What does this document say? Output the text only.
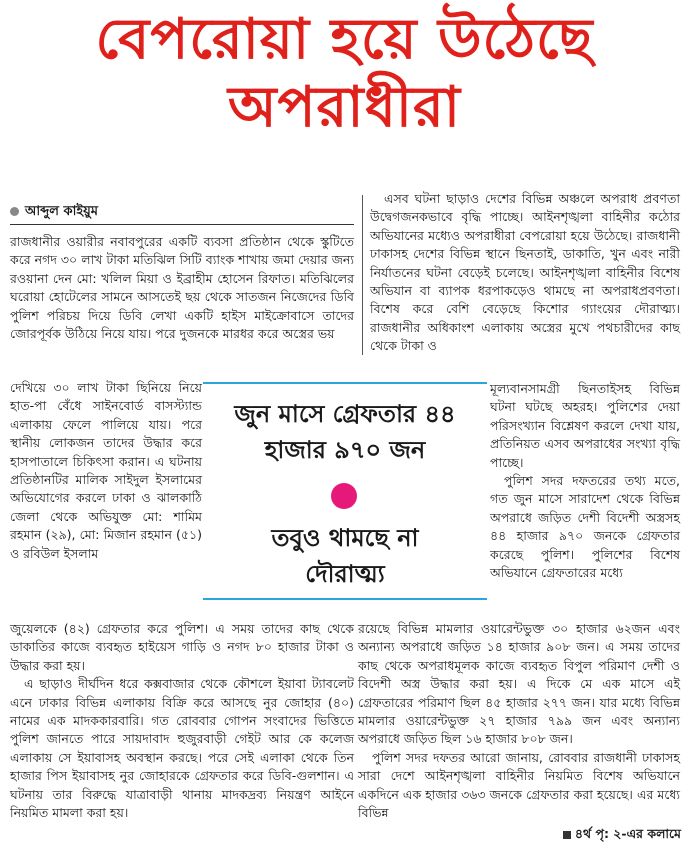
বেপরোয়া হয়ে উঠেছে
অপরাধীরা
আব্দুল কাইয়ুম

রাজধানীর ওয়ারীর নবাবপুরের একটি ব্যবসা প্রতিষ্ঠান থেকে স্কুটিতে করে নগদ ৩০ লাখ টাকা মতিঝিল সিটি ব্যাংক শাখায় জমা দেয়ার জন্য রওয়ানা দেন মো: খলিল মিয়া ও ইব্রাহীম হোসেন রিফাত। মতিঝিলের ঘরোয়া হোটেলের সামনে আসতেই ছয় থেকে সাতজন নিজেদের ডিবি পুলিশ পরিচয় দিয়ে ডিবি লেখা একটি হাইস মাইক্রোবাসে তাদের জোরপূর্বক উঠিয়ে নিয়ে যায়। পরে দুজনকে মারধর করে অস্ত্রের ভয়

দেখিয়ে ৩০ লাখ টাকা ছিনিয়ে নিয়ে হাত-পা বেঁধে সাইনবোর্ড বাসস্ট্যান্ড এলাকায় ফেলে পালিয়ে যায়। পরে স্থানীয় লোকজন তাদের উদ্ধার করে হাসপাতালে চিকিৎসা করান। এ ঘটনায় প্রতিষ্ঠানটির মালিক সাইদুল ইসলামের অভিযোগের করলে ঢাকা ও ঝালকাঠি জেলা থেকে অভিযুক্ত মো: শামিম রহমান (২৯), মো: মিজান রহমান (৫১) ও রবিউল ইসলাম

জুয়েলকে (৪২) গ্রেফতার করে পুলিশ। এ সময় তাদের কাছ থেকে ডাকাতির কাজে ব্যবহৃত হাইয়েস গাড়ি ও নগদ ৮০ হাজার টাকা ও উদ্ধার করা হয়।

এ ছাড়াও দীর্ঘদিন ধরে কক্সবাজার থেকে কৌশলে ইয়াবা ট্যাবলেট এনে ঢাকার বিভিন্ন এলাকায় বিক্রি করে আসছে নুর জোহার (৪০) নামের এক মাদককারবারি। গত রোববার গোপন সংবাদের ভিত্তিতে পুলিশ জানতে পারে সায়দাবাদ হুজুরবাড়ী গেইট আর কে কলেজ এলাকায় সে ইয়াবাসহ অবস্থান করছে। পরে সেই এলাকা থেকে তিন হাজার পিস ইয়াবাসহ নুর জোহারকে গ্রেফতার করে ডিবি-গুলশান। এ ঘটনায় তার বিরুদ্ধে যাত্রাবাড়ী থানায় মাদকদ্রব্য নিয়ন্ত্রণ আইনে নিয়মিত মামলা করা হয়।

এসব ঘটনা ছাড়াও দেশের বিভিন্ন অঞ্চলে অপরাধ প্রবণতা উদ্বেগজনকভাবে বৃদ্ধি পাচ্ছে। আইনশৃঙ্খলা বাহিনীর কঠোর অভিযানের মধ্যেও অপরাধীরা বেপরোয়া হয়ে উঠেছে। রাজধানী ঢাকাসহ দেশের বিভিন্ন স্থানে ছিনতাই, ডাকাতি, খুন এবং নারী নির্যাতনের ঘটনা বেড়েই চলেছে। আইনশৃঙ্খলা বাহিনীর বিশেষ অভিযান বা ব্যাপক ধরপাকড়েও থামছে না অপরাধপ্রবণতা। বিশেষ করে বেশি বেড়েছে কিশোর গ্যাংয়ের দৌরাত্ম্য। রাজধানীর অধিকাংশ এলাকায় অস্ত্রের মুখে পথচারীদের কাছ থেকে টাকা ও

মূল্যবানসামগ্রী ছিনতাইসহ বিভিন্ন ঘটনা ঘটছে অহরহ। পুলিশের দেয়া পরিসংখ্যান বিশ্লেষণ করলে দেখা যায়, প্রতিনিয়ত এসব অপরাধের সংখ্যা বৃদ্ধি পাচ্ছে।

পুলিশ সদর দফতরের তথ্য মতে, গত জুন মাসে সারাদেশ থেকে বিভিন্ন অপরাধে জড়িত দেশী বিদেশী অস্ত্রসহ ৪৪ হাজার ৯৭০ জনকে গ্রেফতার করেছে পুলিশ। পুলিশের বিশেষ অভিযানে গ্রেফতারের মধ্যে

রয়েছে বিভিন্ন মামলার ওয়ারেন্টভুক্ত ৩০ হাজার ৬২জন এবং অন্যান্য অপরাধে জড়িত ১৪ হাজার ৯০৮ জন। এ সময় তাদের কাছ থেকে অপরাধমূলক কাজে ব্যবহৃত বিপুল পরিমাণ দেশী ও বিদেশী অস্ত্র উদ্ধার করা হয়। এ দিকে মে এক মাসে এই গ্রেফতারের পরিমাণ ছিল ৪৫ হাজার ২৭৭ জন। যার মধ্যে বিভিন্ন মামলার ওয়ারেন্টভুক্ত ২৭ হাজার ৭৯৯ জন এবং অন্যান্য অপরাধে জড়িত ছিল ১৬ হাজার ৮০৮ জন।

পুলিশ সদর দফতর আরো জানায়, রোববার রাজধানী ঢাকাসহ সারা দেশে আইনশৃঙ্খলা বাহিনীর নিয়মিত বিশেষ অভিযানে একদিনে এক হাজার ৩৬৩ জনকে গ্রেফতার করা হয়েছে। এর মধ্যে বিভিন্ন

জুন মাসে গ্রেফতার ৪৪
হাজার ৯৭০ জন
তবুও থামছে না
দৌরাত্ম্য
৪র্থ পৃ: ২-এর কলামে
